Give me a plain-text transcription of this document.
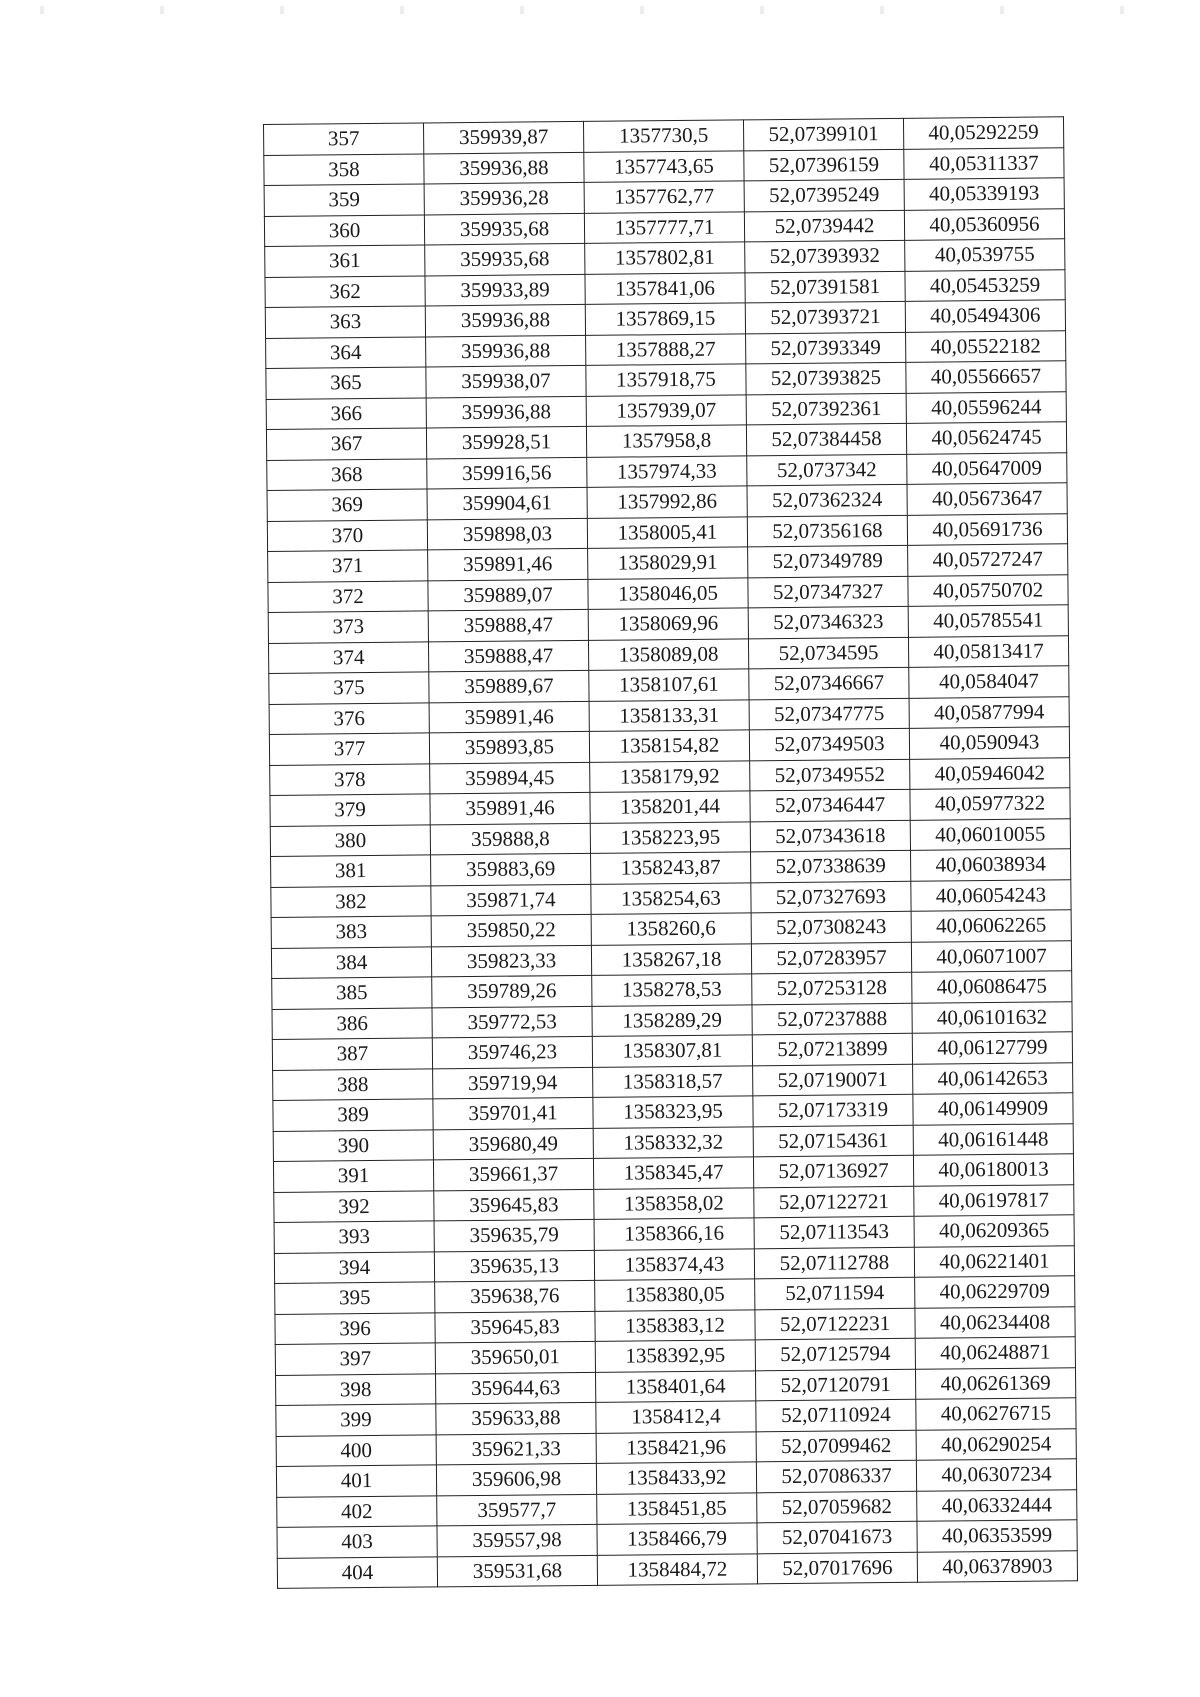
357	359939,87	1357730,5	52,07399101	40,05292259
358	359936,88	1357743,65	52,07396159	40,05311337
359	359936,28	1357762,77	52,07395249	40,05339193
360	359935,68	1357777,71	52,0739442	40,05360956
361	359935,68	1357802,81	52,07393932	40,0539755
362	359933,89	1357841,06	52,07391581	40,05453259
363	359936,88	1357869,15	52,07393721	40,05494306
364	359936,88	1357888,27	52,07393349	40,05522182
365	359938,07	1357918,75	52,07393825	40,05566657
366	359936,88	1357939,07	52,07392361	40,05596244
367	359928,51	1357958,8	52,07384458	40,05624745
368	359916,56	1357974,33	52,0737342	40,05647009
369	359904,61	1357992,86	52,07362324	40,05673647
370	359898,03	1358005,41	52,07356168	40,05691736
371	359891,46	1358029,91	52,07349789	40,05727247
372	359889,07	1358046,05	52,07347327	40,05750702
373	359888,47	1358069,96	52,07346323	40,05785541
374	359888,47	1358089,08	52,0734595	40,05813417
375	359889,67	1358107,61	52,07346667	40,0584047
376	359891,46	1358133,31	52,07347775	40,05877994
377	359893,85	1358154,82	52,07349503	40,0590943
378	359894,45	1358179,92	52,07349552	40,05946042
379	359891,46	1358201,44	52,07346447	40,05977322
380	359888,8	1358223,95	52,07343618	40,06010055
381	359883,69	1358243,87	52,07338639	40,06038934
382	359871,74	1358254,63	52,07327693	40,06054243
383	359850,22	1358260,6	52,07308243	40,06062265
384	359823,33	1358267,18	52,07283957	40,06071007
385	359789,26	1358278,53	52,07253128	40,06086475
386	359772,53	1358289,29	52,07237888	40,06101632
387	359746,23	1358307,81	52,07213899	40,06127799
388	359719,94	1358318,57	52,07190071	40,06142653
389	359701,41	1358323,95	52,07173319	40,06149909
390	359680,49	1358332,32	52,07154361	40,06161448
391	359661,37	1358345,47	52,07136927	40,06180013
392	359645,83	1358358,02	52,07122721	40,06197817
393	359635,79	1358366,16	52,07113543	40,06209365
394	359635,13	1358374,43	52,07112788	40,06221401
395	359638,76	1358380,05	52,0711594	40,06229709
396	359645,83	1358383,12	52,07122231	40,06234408
397	359650,01	1358392,95	52,07125794	40,06248871
398	359644,63	1358401,64	52,07120791	40,06261369
399	359633,88	1358412,4	52,07110924	40,06276715
400	359621,33	1358421,96	52,07099462	40,06290254
401	359606,98	1358433,92	52,07086337	40,06307234
402	359577,7	1358451,85	52,07059682	40,06332444
403	359557,98	1358466,79	52,07041673	40,06353599
404	359531,68	1358484,72	52,07017696	40,06378903
